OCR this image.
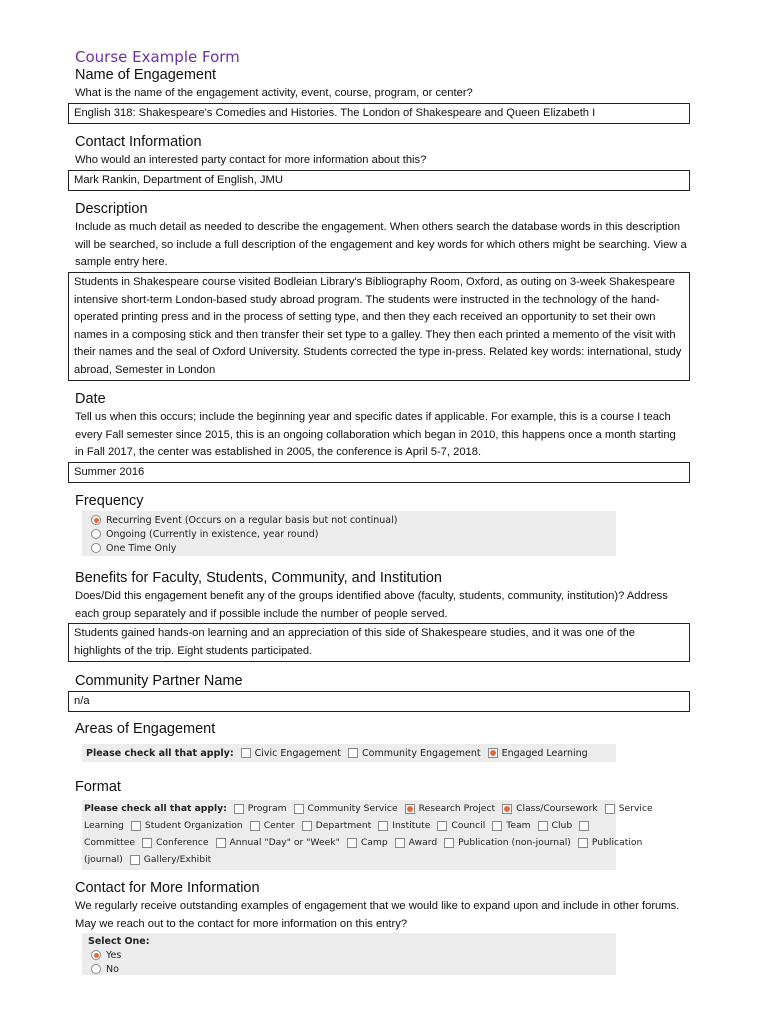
Course Example Form
Name of Engagement
What is the name of the engagement activity, event, course, program, or center?
English 318: Shakespeare's Comedies and Histories. The London of Shakespeare and Queen Elizabeth I
Contact Information
Who would an interested party contact for more information about this?
Mark Rankin, Department of English, JMU
Description
Include as much detail as needed to describe the engagement. When others search the database words in this description will be searched, so include a full description of the engagement and key words for which others might be searching. View a sample entry here.
Students in Shakespeare course visited Bodleian Library's Bibliography Room, Oxford, as outing on 3-week Shakespeare intensive short-term London-based study abroad program. The students were instructed in the technology of the hand-operated printing press and in the process of setting type, and then they each received an opportunity to set their own names in a composing stick and then transfer their set type to a galley. They then each printed a memento of the visit with their names and the seal of Oxford University. Students corrected the type in-press. Related key words: international, study abroad, Semester in London
Date
Tell us when this occurs; include the beginning year and specific dates if applicable. For example, this is a course I teach every Fall semester since 2015, this is an ongoing collaboration which began in 2010, this happens once a month starting in Fall 2017, the center was established in 2005, the conference is April 5-7, 2018.
Summer 2016
Frequency
Recurring Event (Occurs on a regular basis but not continual)
Ongoing (Currently in existence, year round)
One Time Only
Benefits for Faculty, Students, Community, and Institution
Does/Did this engagement benefit any of the groups identified above (faculty, students, community, institution)? Address each group separately and if possible include the number of people served.
Students gained hands-on learning and an appreciation of this side of Shakespeare studies, and it was one of the highlights of the trip. Eight students participated.
Community Partner Name
n/a
Areas of Engagement
Please check all that apply: Civic Engagement Community Engagement Engaged Learning
Format
Please check all that apply: Program Community Service Research Project Class/Coursework Service
Learning Student Organization Center Department Institute Council Team Club
Committee Conference Annual "Day" or "Week" Camp Award Publication (non-journal) Publication
(journal) Gallery/Exhibit
Contact for More Information
We regularly receive outstanding examples of engagement that we would like to expand upon and include in other forums. May we reach out to the contact for more information on this entry?
Select One:
Yes
No
